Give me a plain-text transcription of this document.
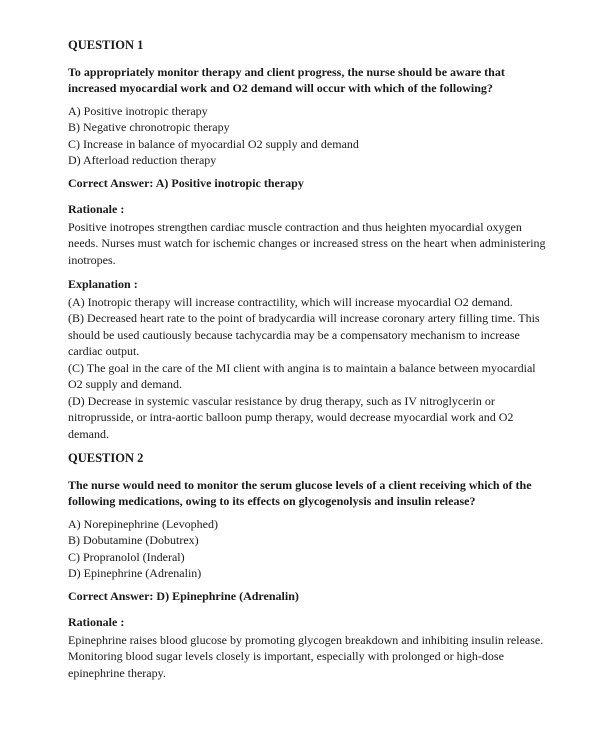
QUESTION 1
To appropriately monitor therapy and client progress, the nurse should be aware that increased myocardial work and O2 demand will occur with which of the following?
A) Positive inotropic therapy
B) Negative chronotropic therapy
C) Increase in balance of myocardial O2 supply and demand
D) Afterload reduction therapy
Correct Answer: A) Positive inotropic therapy
Rationale :
Positive inotropes strengthen cardiac muscle contraction and thus heighten myocardial oxygen needs. Nurses must watch for ischemic changes or increased stress on the heart when administering inotropes.
Explanation :
(A) Inotropic therapy will increase contractility, which will increase myocardial O2 demand.
(B) Decreased heart rate to the point of bradycardia will increase coronary artery filling time. This should be used cautiously because tachycardia may be a compensatory mechanism to increase cardiac output.
(C) The goal in the care of the MI client with angina is to maintain a balance between myocardial O2 supply and demand.
(D) Decrease in systemic vascular resistance by drug therapy, such as IV nitroglycerin or nitroprusside, or intra-aortic balloon pump therapy, would decrease myocardial work and O2 demand.
QUESTION 2
The nurse would need to monitor the serum glucose levels of a client receiving which of the following medications, owing to its effects on glycogenolysis and insulin release?
A) Norepinephrine (Levophed)
B) Dobutamine (Dobutrex)
C) Propranolol (Inderal)
D) Epinephrine (Adrenalin)
Correct Answer: D) Epinephrine (Adrenalin)
Rationale :
Epinephrine raises blood glucose by promoting glycogen breakdown and inhibiting insulin release. Monitoring blood sugar levels closely is important, especially with prolonged or high-dose epinephrine therapy.
